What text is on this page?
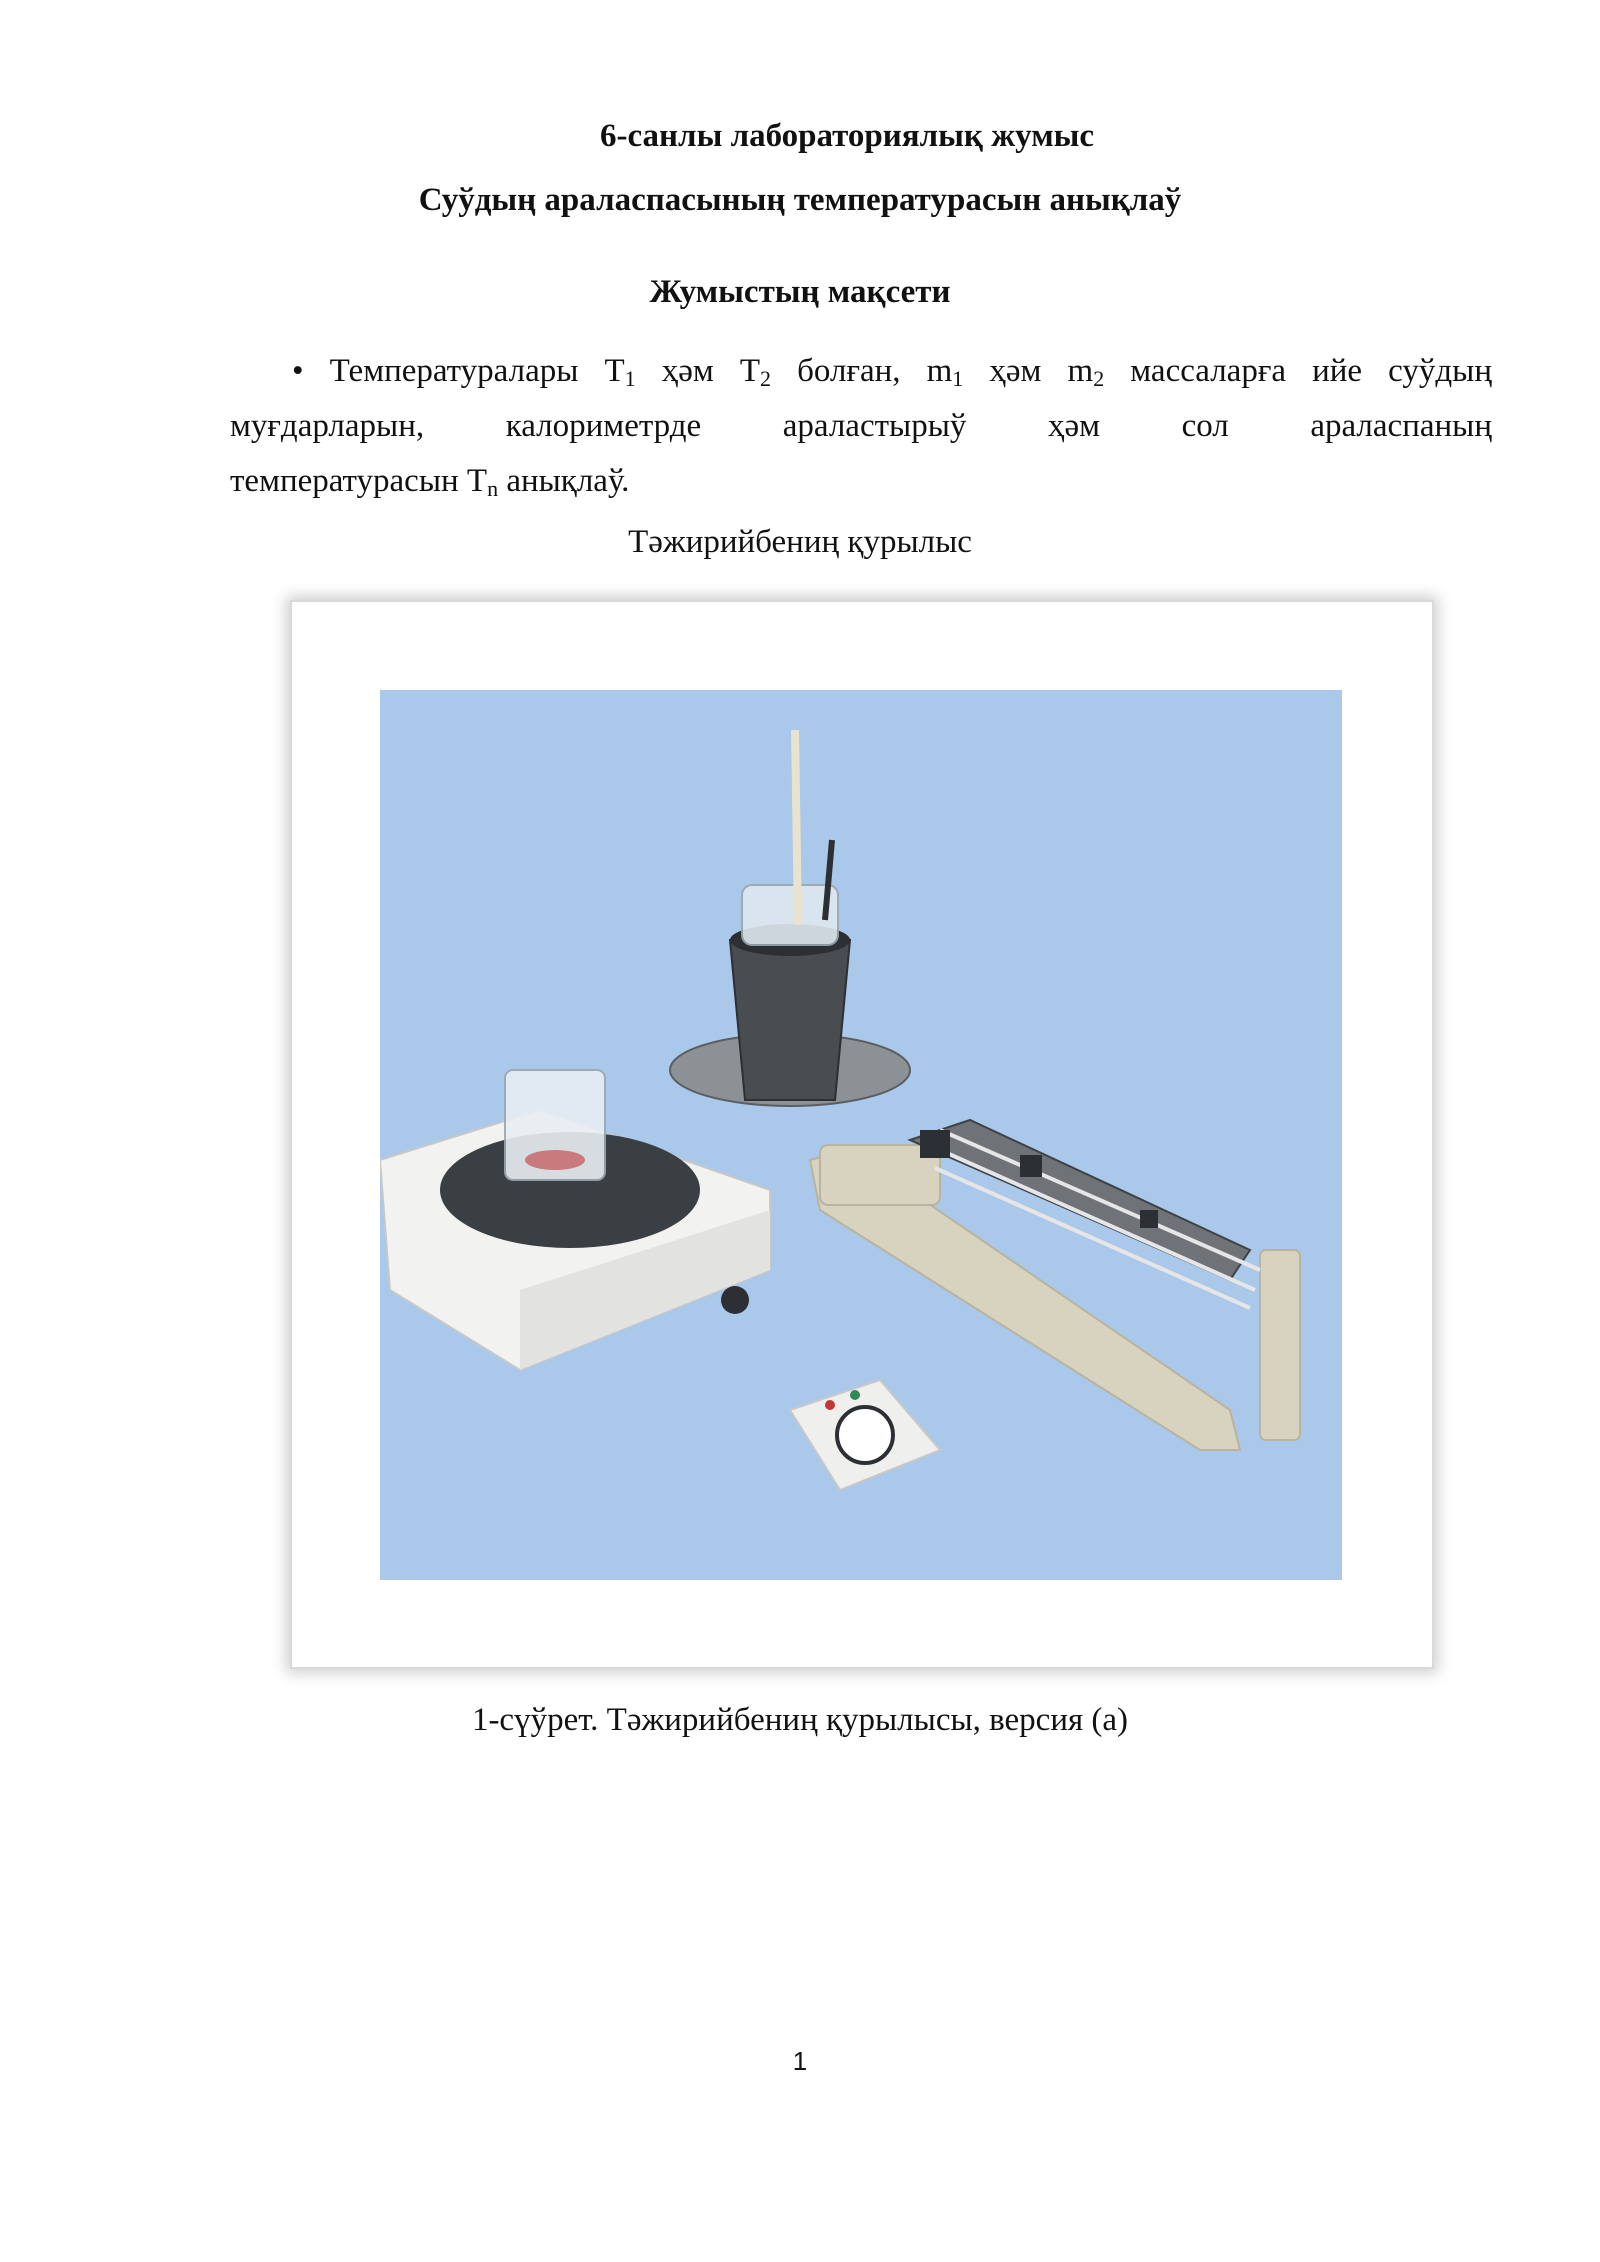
6-санлы лабораториялық жумыс
Суўдың араласпасының температурасын анықлаў
Жумыстың мақсети
• Температуралары $T_1$ ҳәм $T_2$ болған, $m_1$ ҳәм $m_2$ массаларға ийе суўдың
муғдарларын, калориметрде араластырыў ҳәм сол араласпаның
температурасын $T_n$ анықлаў.
Тәжирийбениң қурылыс
1-сүўрет. Тәжирийбениң қурылысы, версия (а)
1
